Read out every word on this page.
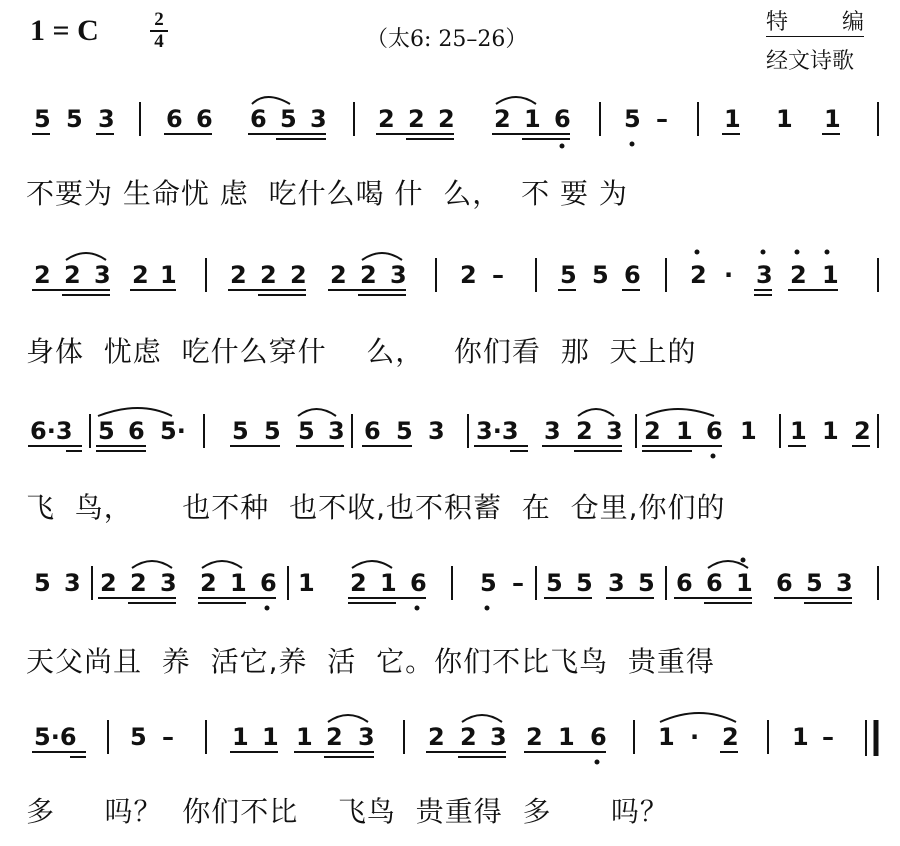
1 = C	2
4	（太6: 25–26）
特 编
经文诗歌
5 5 3 6 6 6 5 3 2 2 2 2 1 6 5 – 1 1 1
不要为 生命忧 虑  吃什么喝 什  么，  不 要 为
2 2 3 2 1 2 2 2 2 2 3 2 – 5 5 6 2 · 3 2 1
身体  忧虑  吃什么穿什    么，   你们看  那  天上的
6·3 5 6 5· 5 5 5 3 6 5 3 3·3 3 2 3 2 1 6 1 1 1 2
飞  鸟，     也不种  也不收,也不积蓄  在  仓里,你们的
5 3 2 2 3 2 1 6 1 2 1 6 5 – 5 5 3 5 6 6 1 6 5 3
天父尚且  养  活它,养  活  它。你们不比飞鸟  贵重得
5·6 5 – 1 1 1 2 3 2 2 3 2 1 6 1 · 2 1 –
多     吗？  你们不比    飞鸟  贵重得  多      吗？
